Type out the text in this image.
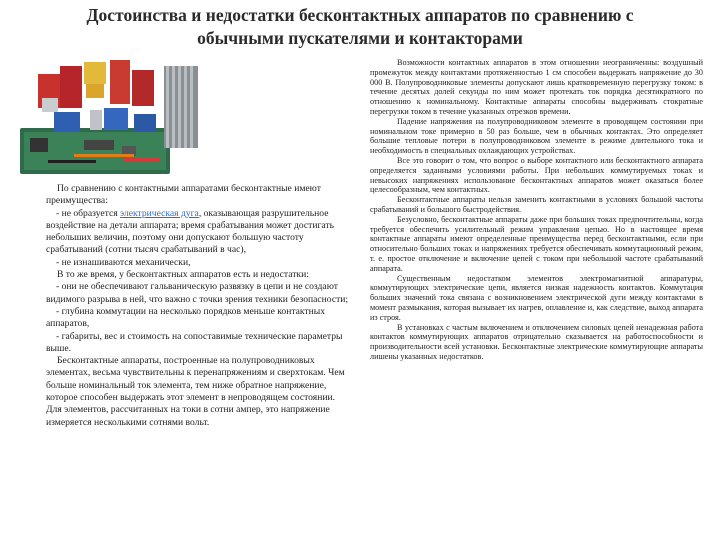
Достоинства и недостатки бесконтактных аппаратов по сравнению с
обычными пускателями и контакторами

По сравнению с контактными аппаратами бесконтактные имеют преимущества:

- не образуется электрическая дуга, оказывающая разрушительное воздействие на детали аппарата; время срабатывания может достигать небольших величин, поэтому они допускают большую частоту срабатываний (сотни тысяч срабатываний в час),

- не изнашиваются механически,

В то же время, у бесконтактных аппаратов есть и недостатки:

- они не обеспечивают гальваническую развязку в цепи и не создают видимого разрыва в ней, что важно с точки зрения техники безопасности;

- глубина коммутации на несколько порядков меньше контактных аппаратов,

- габариты, вес и стоимость на сопоставимые технические параметры выше.

Бесконтактные аппараты, построенные на полупроводниковых элементах, весьма чувствительны к перенапряжениям и сверхтокам. Чем больше номинальный ток элемента, тем ниже обратное напряжение, которое способен выдержать этот элемент в непроводящем состоянии. Для элементов, рассчитанных на токи в сотни ампер, это напряжение измеряется несколькими сотнями вольт.

Возможности контактных аппаратов в этом отношении неограниченны: воздушный промежуток между контактами протяженностью 1 см способен выдержать напряжение до 30 000 В. Полупроводниковые элементы допускают лишь кратковременную перегрузку током: в течение десятых долей секунды по ним может протекать ток порядка десятикратного по отношению к номинальному. Контактные аппараты способны выдерживать стократные перегрузки током в течение указанных отрезков времени.

Падение напряжения на полупроводниковом элементе в проводящем состоянии при номинальном токе примерно в 50 раз больше, чем в обычных контактах. Это определяет большие тепловые потери в полупроводниковом элементе в режиме длительного тока и необходимость в специальных охлаждающих устройствах.

Все это говорит о том, что вопрос о выборе контактного или бесконтактного аппарата определяется заданными условиями работы. При небольших коммутируемых токах и невысоких напряжениях использование бесконтактных аппаратов может оказаться более целесообразным, чем контактных.

Бесконтактные аппараты нельзя заменить контактными в условиях большой частоты срабатываний и большого быстродействия.

Безусловно, бесконтактные аппараты даже при больших токах предпочтительны, когда требуется обеспечить усилительный режим управления цепью. Но в настоящее время контактные аппараты имеют определенные преимущества перед бесконтактными, если при относительно больших токах и напряжениях требуется обеспечивать коммутационный режим, т. е. простое отключение и включение цепей с током при небольшой частоте срабатываний аппарата.

Существенным недостатком элементов электромагнитной аппаратуры, коммутирующих электрические цепи, является низкая надежность контактов. Коммутация больших значений тока связана с возникновением электрической дуги между контактами в момент размыкания, которая вызывает их нагрев, оплавление и, как следствие, выход аппарата из строя.

В установках с частым включением и отключением силовых цепей ненадежная работа контактов коммутирующих аппаратов отрицательно сказывается на работоспособности и производительности всей установки. Бесконтактные электрические коммутирующие аппараты лишены указанных недостатков.
